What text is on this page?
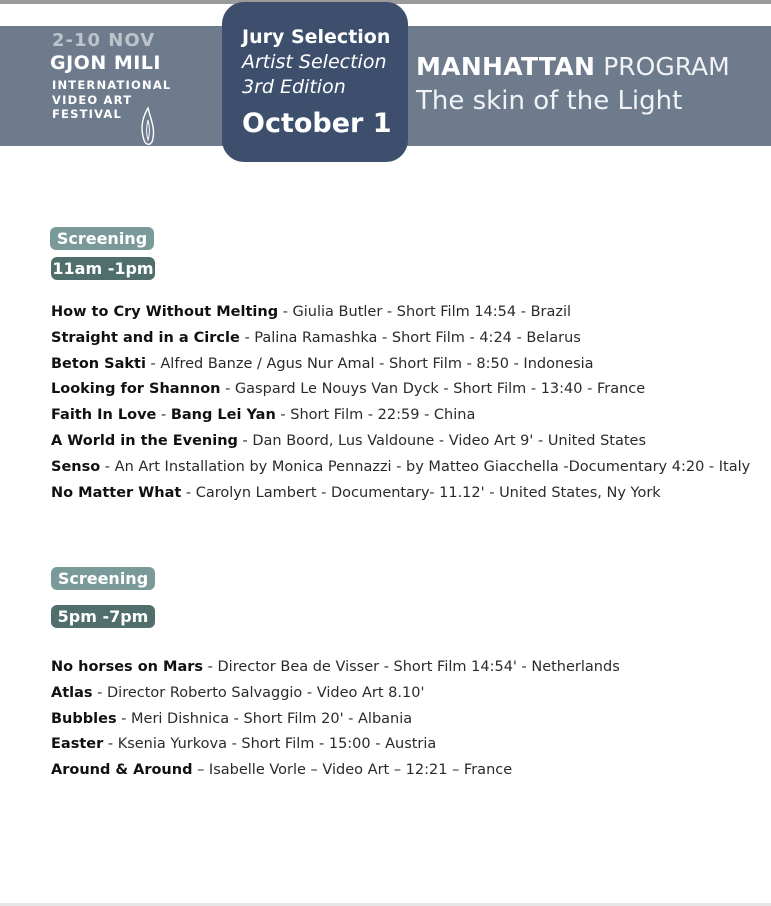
2-10 NOV
GJON MILI
INTERNATIONAL
VIDEO ART
FESTIVAL
Jury Selection
Artist Selection
3rd Edition
October 1
MANHATTAN PROGRAM
The skin of the Light
Screening
11am -1pm
How to Cry Without Melting - Giulia Butler - Short Film 14:54 - Brazil
Straight and in a Circle - Palina Ramashka - Short Film - 4:24 - Belarus
Beton Sakti - Alfred Banze / Agus Nur Amal - Short Film - 8:50 - Indonesia
Looking for Shannon - Gaspard Le Nouys Van Dyck - Short Film - 13:40 - France
Faith In Love - Bang Lei Yan - Short Film - 22:59 - China
A World in the Evening - Dan Boord, Lus Valdoune - Video Art 9' - United States
Senso - An Art Installation by Monica Pennazzi - by Matteo Giacchella -Documentary 4:20 - Italy
No Matter What - Carolyn Lambert - Documentary- 11.12' - United States, Ny York
Screening
5pm -7pm
No horses on Mars - Director Bea de Visser - Short Film 14:54' - Netherlands
Atlas - Director Roberto Salvaggio - Video Art 8.10'
Bubbles - Meri Dishnica - Short Film 20' - Albania
Easter - Ksenia Yurkova - Short Film - 15:00 - Austria
Around & Around – Isabelle Vorle – Video Art – 12:21 – France
